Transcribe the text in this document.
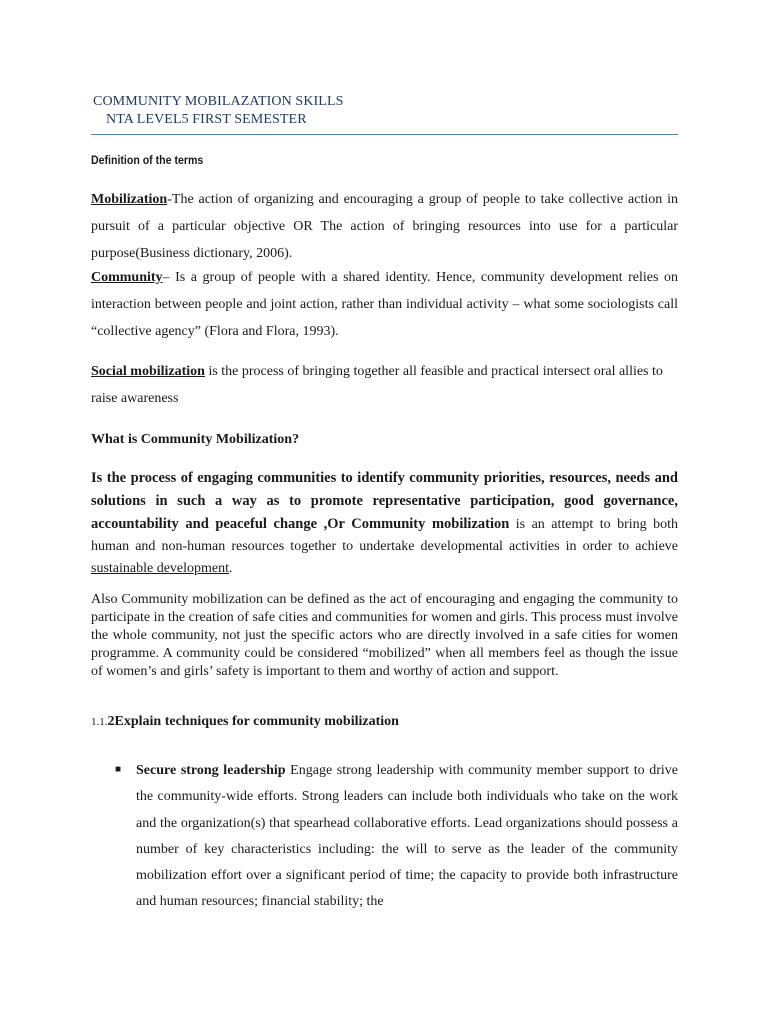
COMMUNITY MOBILAZATION SKILLS
NTA LEVEL5 FIRST SEMESTER
Definition of the terms
Mobilization-The action of organizing and encouraging a group of people to take collective action in pursuit of a particular objective OR The action of bringing resources into use for a particular purpose(Business dictionary, 2006).
Community– Is a group of people with a shared identity. Hence, community development relies on interaction between people and joint action, rather than individual activity – what some sociologists call “collective agency” (Flora and Flora, 1993).
Social mobilization is the process of bringing together all feasible and practical intersect oral allies to raise awareness
What is Community Mobilization?
Is the process of engaging communities to identify community priorities, resources, needs and solutions in such a way as to promote representative participation, good governance, accountability and peaceful change ,Or Community mobilization is an attempt to bring both human and non-human resources together to undertake developmental activities in order to achieve sustainable development.
Also Community mobilization can be defined as the act of encouraging and engaging the community to participate in the creation of safe cities and communities for women and girls. This process must involve the whole community, not just the specific actors who are directly involved in a safe cities for women programme. A community could be considered “mobilized” when all members feel as though the issue of women’s and girls’ safety is important to them and worthy of action and support.
1.1.2Explain techniques for community mobilization
■ Secure strong leadership Engage strong leadership with community member support to drive the community-wide efforts. Strong leaders can include both individuals who take on the work and the organization(s) that spearhead collaborative efforts. Lead organizations should possess a number of key characteristics including: the will to serve as the leader of the community mobilization effort over a significant period of time; the capacity to provide both infrastructure and human resources; financial stability; the
